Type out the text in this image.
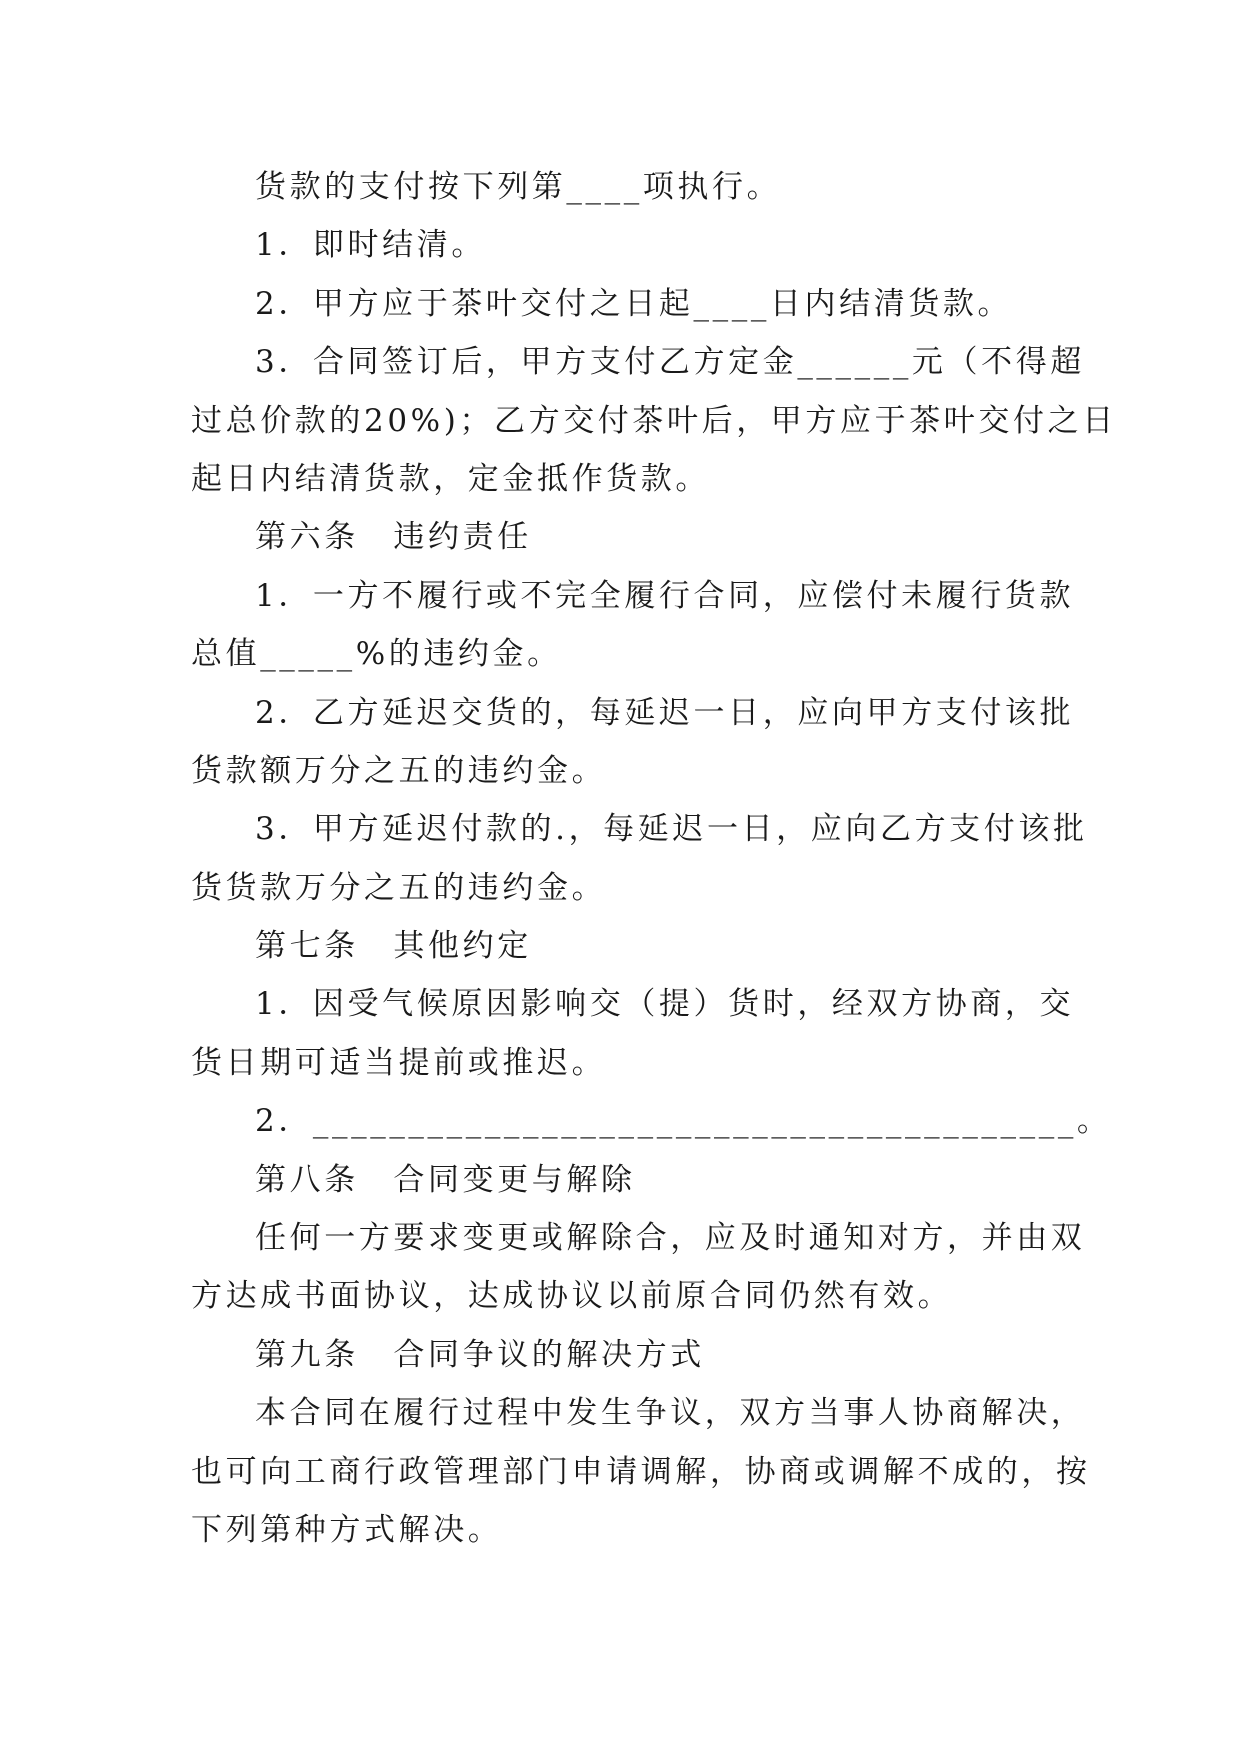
货款的支付按下列第____项执行。
1．即时结清。
2．甲方应于茶叶交付之日起____日内结清货款。
3．合同签订后，甲方支付乙方定金______元（不得超
过总价款的20%)；乙方交付茶叶后，甲方应于茶叶交付之日
起日内结清货款，定金抵作货款。
第六条　违约责任
1．一方不履行或不完全履行合同，应偿付未履行货款
总值_____%的违约金。
2．乙方延迟交货的，每延迟一日，应向甲方支付该批
货款额万分之五的违约金。
3．甲方延迟付款的.，每延迟一日，应向乙方支付该批
货货款万分之五的违约金。
第七条　其他约定
1．因受气候原因影响交（提）货时，经双方协商，交
货日期可适当提前或推迟。
2．________________________________________。
第八条　合同变更与解除
任何一方要求变更或解除合，应及时通知对方，并由双
方达成书面协议，达成协议以前原合同仍然有效。
第九条　合同争议的解决方式
本合同在履行过程中发生争议，双方当事人协商解决，
也可向工商行政管理部门申请调解，协商或调解不成的，按
下列第种方式解决。
